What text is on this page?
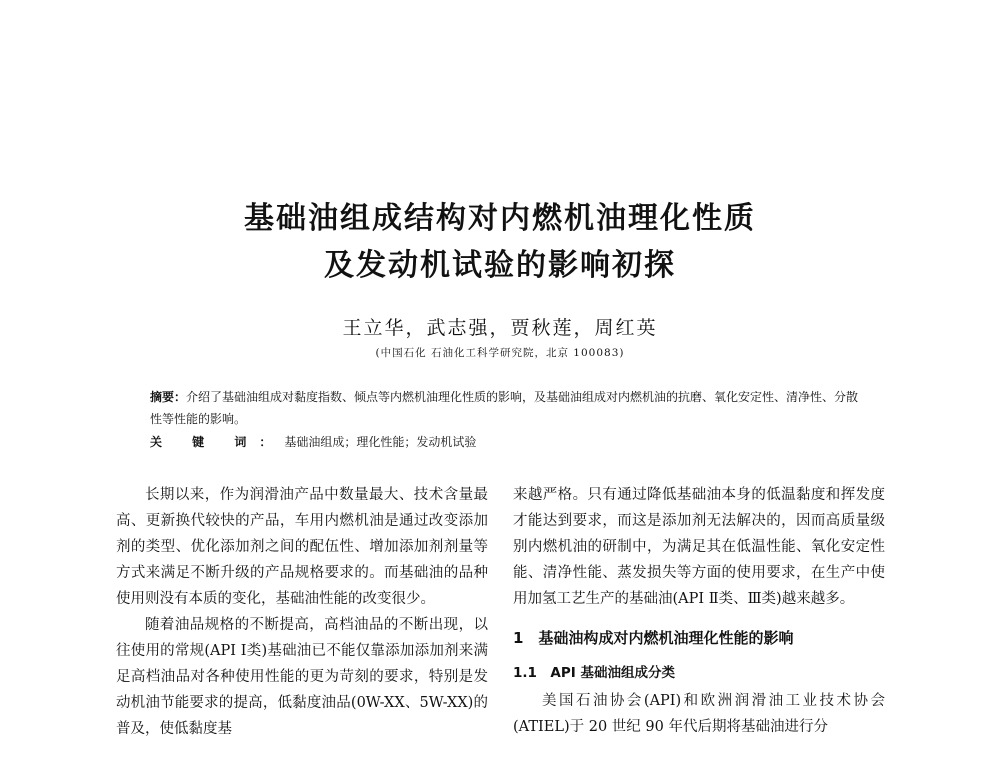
基础油组成结构对内燃机油理化性质
及发动机试验的影响初探
王立华，武志强，贾秋莲，周红英
(中国石化 石油化工科学研究院，北京 100083)
摘要：介绍了基础油组成对黏度指数、倾点等内燃机油理化性质的影响，及基础油组成对内燃机油的抗磨、氧化安定性、清净性、分散性等性能的影响。
关 键 词：基础油组成；理化性能；发动机试验

长期以来，作为润滑油产品中数量最大、技术含量最高、更新换代较快的产品，车用内燃机油是通过改变添加剂的类型、优化添加剂之间的配伍性、增加添加剂剂量等方式来满足不断升级的产品规格要求的。而基础油的品种使用则没有本质的变化，基础油性能的改变很少。

随着油品规格的不断提高，高档油品的不断出现，以往使用的常规(API Ⅰ类)基础油已不能仅靠添加添加剂来满足高档油品对各种使用性能的更为苛刻的要求，特别是发动机油节能要求的提高，低黏度油品(0W-XX、5W-XX)的普及，使低黏度基

来越严格。只有通过降低基础油本身的低温黏度和挥发度才能达到要求，而这是添加剂无法解决的，因而高质量级别内燃机油的研制中，为满足其在低温性能、氧化安定性能、清净性能、蒸发损失等方面的使用要求，在生产中使用加氢工艺生产的基础油(API Ⅱ类、Ⅲ类)越来越多。

1　基础油构成对内燃机油理化性能的影响
1.1　API 基础油组成分类

美国石油协会(API)和欧洲润滑油工业技术协会(ATIEL)于 20 世纪 90 年代后期将基础油进行分
